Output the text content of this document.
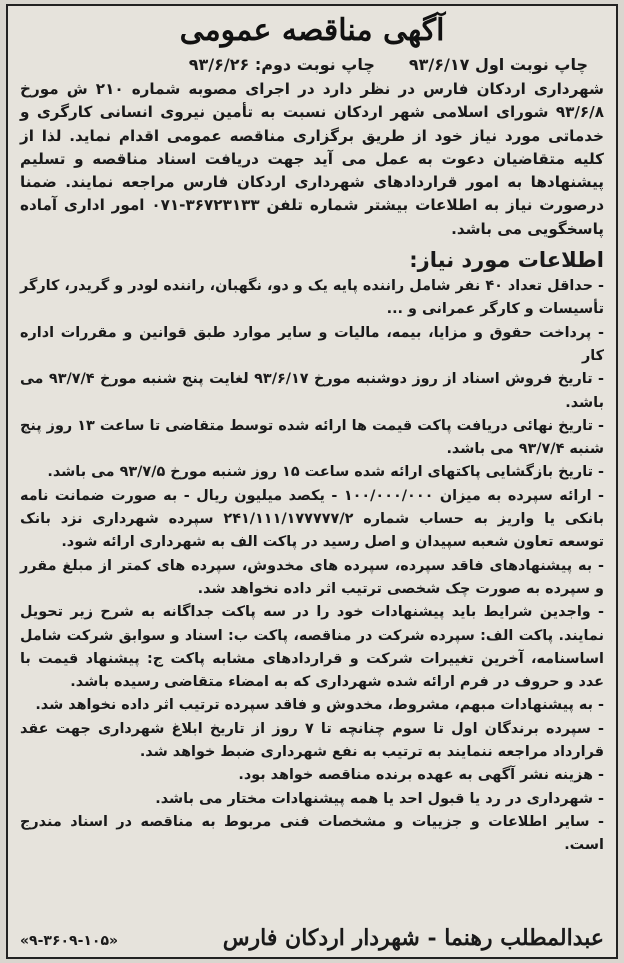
آگهی مناقصه عمومی
چاپ نوبت اول ۹۳/۶/۱۷
چاپ نوبت دوم: ۹۳/۶/۲۶

شهرداری اردکان فارس در نظر دارد در اجرای مصوبه شماره ۲۱۰ ش مورخ ۹۳/۶/۸ شورای اسلامی شهر اردکان نسبت به تأمین نیروی انسانی کارگری و خدماتی مورد نیاز خود از طریق برگزاری مناقصه عمومی اقدام نماید. لذا از کلیه متقاضیان دعوت به عمل می آید جهت دریافت اسناد مناقصه و تسلیم پیشنهادها به امور قراردادهای شهرداری اردکان فارس مراجعه نمایند. ضمنا درصورت نیاز به اطلاعات بیشتر شماره تلفن ۳۶۷۲۳۱۳۳-۰۷۱ امور اداری آماده پاسخگویی می باشد.

اطلاعات مورد نیاز:
- حداقل تعداد ۴۰ نفر شامل راننده پایه یک و دو، نگهبان، راننده لودر و گریدر، کارگر تأسیسات و کارگر عمرانی و ...
- پرداخت حقوق و مزایا، بیمه، مالیات و سایر موارد طبق قوانین و مقررات اداره کار
- تاریخ فروش اسناد از روز دوشنبه مورخ ۹۳/۶/۱۷ لغایت پنج شنبه مورخ ۹۳/۷/۴ می باشد.
- تاریخ نهائی دریافت پاکت قیمت ها ارائه شده توسط متقاضی تا ساعت ۱۳ روز پنج شنبه ۹۳/۷/۴ می باشد.
- تاریخ بازگشایی پاکتهای ارائه شده ساعت ۱۵ روز شنبه مورخ ۹۳/۷/۵ می باشد.
- ارائه سپرده به میزان ۱۰۰/۰۰۰/۰۰۰ - یکصد میلیون ریال - به صورت ضمانت نامه بانکی یا واریز به حساب شماره ۲۴۱/۱۱۱/۱۷۷۷۷۷/۲ سپرده شهرداری نزد بانک توسعه تعاون شعبه سپیدان و اصل رسید در پاکت الف به شهرداری ارائه شود.
- به پیشنهادهای فاقد سپرده، سپرده های مخدوش، سپرده های کمتر از مبلغ مقرر و سپرده به صورت چک شخصی ترتیب اثر داده نخواهد شد.
- واجدین شرایط باید پیشنهادات خود را در سه پاکت جداگانه به شرح زیر تحویل نمایند. پاکت الف: سپرده شرکت در مناقصه، پاکت ب: اسناد و سوابق شرکت شامل اساسنامه، آخرین تغییرات شرکت و قراردادهای مشابه پاکت ج: پیشنهاد قیمت با عدد و حروف در فرم ارائه شده شهرداری که به امضاء متقاضی رسیده باشد.
- به پیشنهادات مبهم، مشروط، مخدوش و فاقد سپرده ترتیب اثر داده نخواهد شد.
- سپرده برندگان اول تا سوم چنانچه تا ۷ روز از تاریخ ابلاغ شهرداری جهت عقد قرارداد مراجعه ننمایند به ترتیب به نفع شهرداری ضبط خواهد شد.
- هزینه نشر آگهی به عهده برنده مناقصه خواهد بود.
- شهرداری در رد یا قبول احد یا همه پیشنهادات مختار می باشد.
- سایر اطلاعات و جزییات و مشخصات فنی مربوط به مناقصه در اسناد مندرج است.
عبدالمطلب رهنما - شهردار اردکان فارس
«۹-۳۶۰۹-۱۰۵»
